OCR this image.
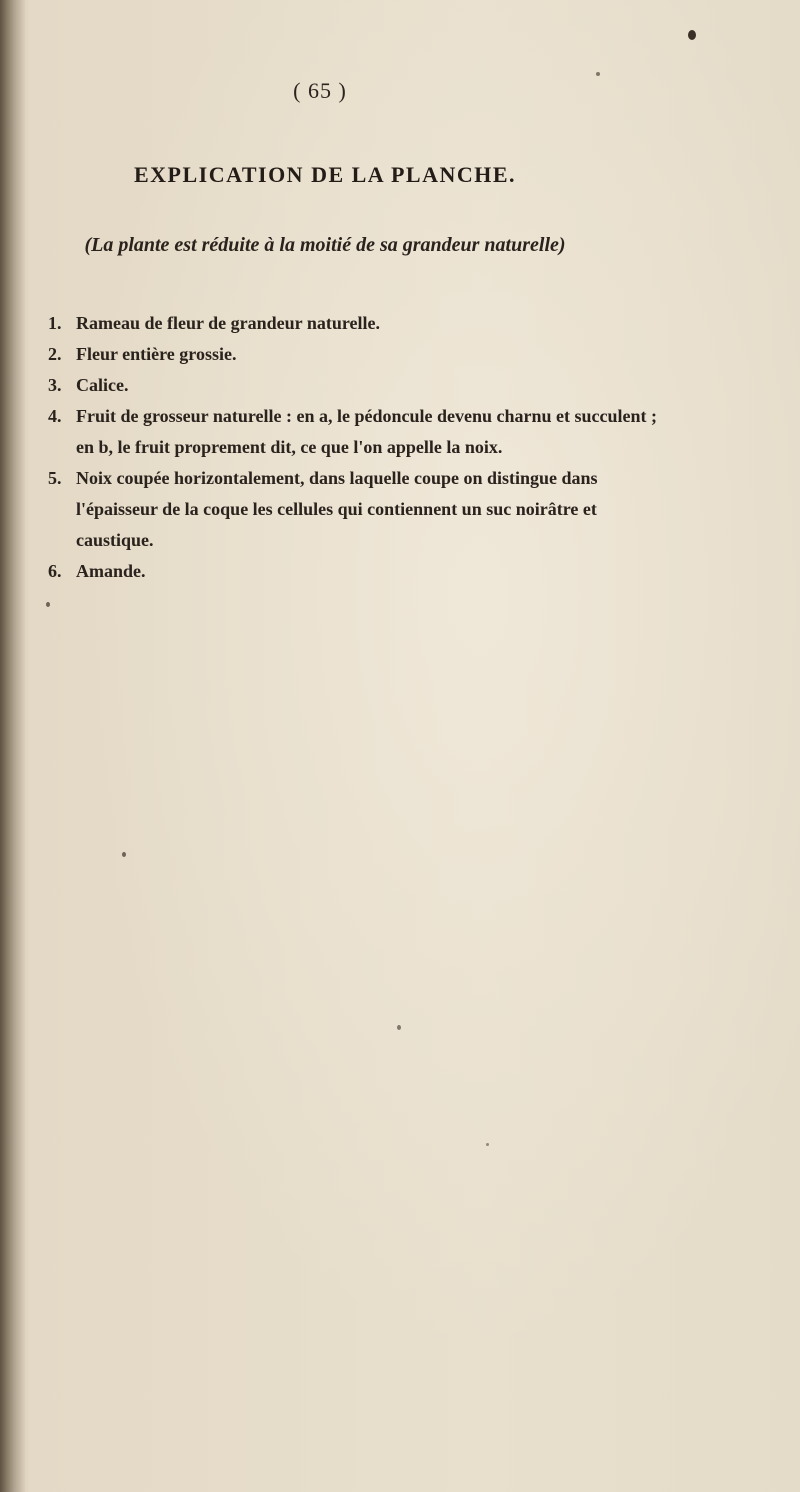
( 65 )
EXPLICATION DE LA PLANCHE.
(La plante est réduite à la moitié de sa grandeur naturelle)
1. Rameau de fleur de grandeur naturelle.
2. Fleur entière grossie.
3. Calice.
4. Fruit de grosseur naturelle : en a, le pédoncule devenu charnu et succulent ; en b, le fruit proprement dit, ce que l'on appelle la noix.
5. Noix coupée horizontalement, dans laquelle coupe on distingue dans l'épaisseur de la coque les cellules qui contiennent un suc noirâtre et caustique.
6. Amande.
